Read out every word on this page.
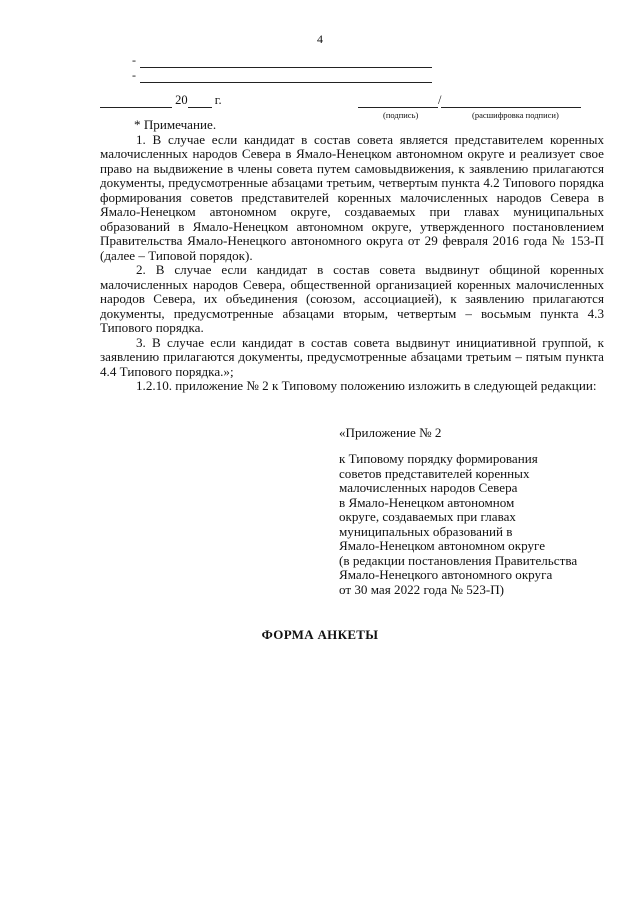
4
-
-
20 г.	/
(подпись)	(расшифровка подписи)

* Примечание.

1. В случае если кандидат в состав совета является представителем коренных малочисленных народов Севера в Ямало-Ненецком автономном округе и реализует свое право на выдвижение в члены совета путем самовыдвижения, к заявлению прилагаются документы, предусмотренные абзацами третьим, четвертым пункта 4.2 Типового порядка формирования советов представителей коренных малочисленных народов Севера в Ямало-Ненецком автономном округе, создаваемых при главах муниципальных образований в Ямало-Ненецком автономном округе, утвержденного постановлением Правительства Ямало-Ненецкого автономного округа от 29 февраля 2016 года № 153-П (далее – Типовой порядок).

2. В случае если кандидат в состав совета выдвинут общиной коренных малочисленных народов Севера, общественной организацией коренных малочисленных народов Севера, их объединения (союзом, ассоциацией), к заявлению прилагаются документы, предусмотренные абзацами вторым, четвертым – восьмым пункта 4.3 Типового порядка.

3. В случае если кандидат в состав совета выдвинут инициативной группой, к заявлению прилагаются документы, предусмотренные абзацами третьим – пятым пункта 4.4 Типового порядка.»;

1.2.10. приложение № 2 к Типовому положению изложить в следующей редакции:

«Приложение № 2
к Типовому порядку формирования
советов представителей коренных
малочисленных народов Севера
в Ямало-Ненецком автономном
округе, создаваемых при главах
муниципальных образований в
Ямало-Ненецком автономном округе
(в редакции постановления Правительства
Ямало-Ненецкого автономного округа
от 30 мая 2022 года № 523-П)
ФОРМА АНКЕТЫ
